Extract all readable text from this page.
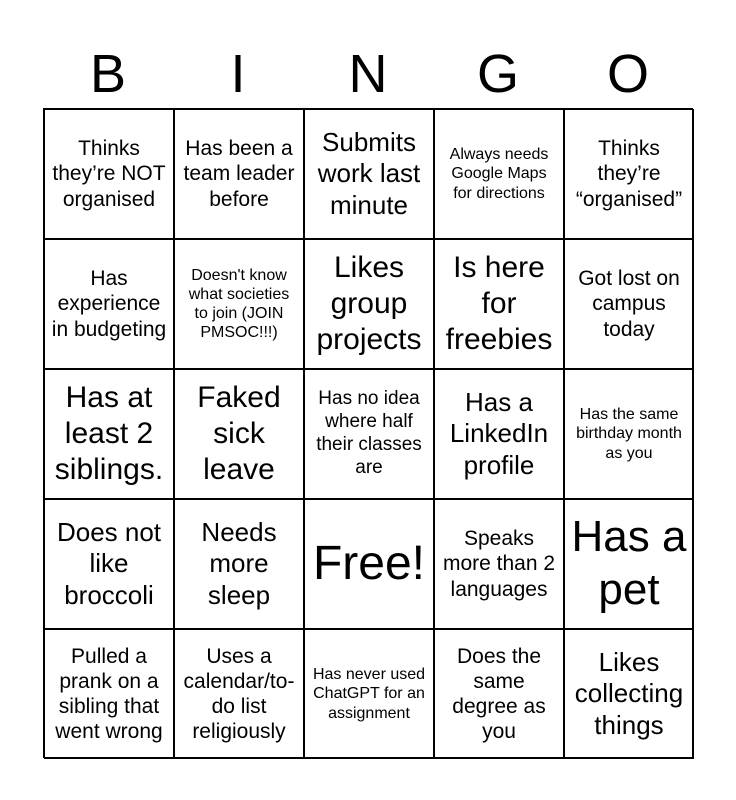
B	I	N	G	O
Thinks they’re NOT organised
Has been a team leader before
Submits work last minute
Always needs Google Maps for directions
Thinks they’re “organised”
Has experience in budgeting
Doesn't know what societies to join (JOIN PMSOC!!!)
Likes group projects
Is here for freebies
Got lost on campus today
Has at least 2 siblings.
Faked sick leave
Has no idea where half their classes are
Has a LinkedIn profile
Has the same birthday month as you
Does not like broccoli
Needs more sleep
Free!	Speaks more than 2 languages
Has a pet
Pulled a prank on a sibling that went wrong
Uses a calendar/to-do list religiously
Has never used ChatGPT for an assignment
Does the same degree as you
Likes collecting things
